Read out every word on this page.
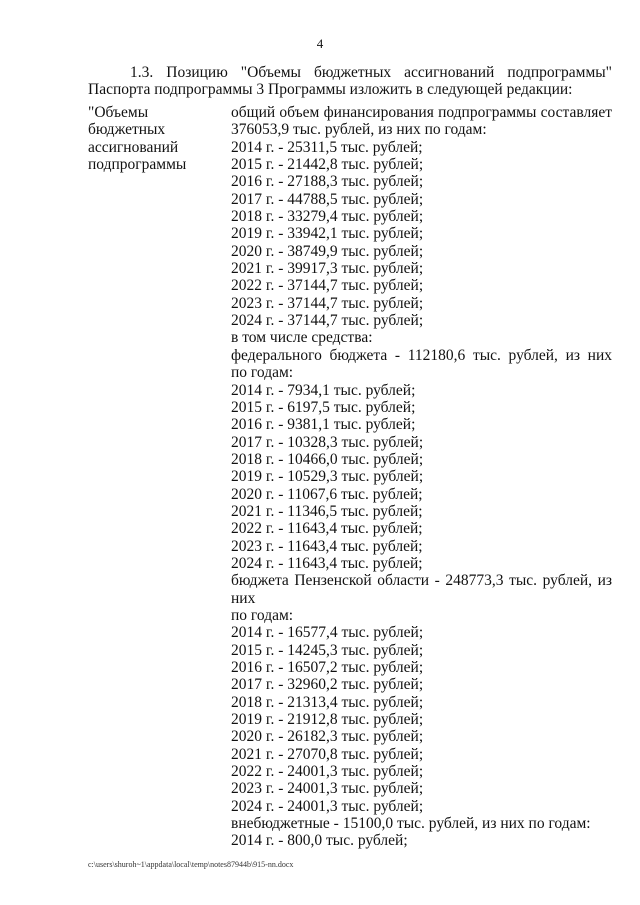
4
1.3. Позицию "Объемы бюджетных ассигнований подпрограммы"
Паспорта подпрограммы 3 Программы изложить в следующей редакции:
"Объемы
бюджетных
ассигнований
подпрограммы
общий объем финансирования подпрограммы составляет
376053,9 тыс. рублей, из них по годам:
2014 г. - 25311,5 тыс. рублей;
2015 г. - 21442,8 тыс. рублей;
2016 г. - 27188,3 тыс. рублей;
2017 г. - 44788,5 тыс. рублей;
2018 г. - 33279,4 тыс. рублей;
2019 г. - 33942,1 тыс. рублей;
2020 г. - 38749,9 тыс. рублей;
2021 г. - 39917,3 тыс. рублей;
2022 г. - 37144,7 тыс. рублей;
2023 г. - 37144,7 тыс. рублей;
2024 г. - 37144,7 тыс. рублей;
в том числе средства:
федерального бюджета - 112180,6 тыс. рублей, из них
по годам:
2014 г. - 7934,1 тыс. рублей;
2015 г. - 6197,5 тыс. рублей;
2016 г. - 9381,1 тыс. рублей;
2017 г. - 10328,3 тыс. рублей;
2018 г. - 10466,0 тыс. рублей;
2019 г. - 10529,3 тыс. рублей;
2020 г. - 11067,6 тыс. рублей;
2021 г. - 11346,5 тыс. рублей;
2022 г. - 11643,4 тыс. рублей;
2023 г. - 11643,4 тыс. рублей;
2024 г. - 11643,4 тыс. рублей;
бюджета Пензенской области - 248773,3 тыс. рублей, из них
по годам:
2014 г. - 16577,4 тыс. рублей;
2015 г. - 14245,3 тыс. рублей;
2016 г. - 16507,2 тыс. рублей;
2017 г. - 32960,2 тыс. рублей;
2018 г. - 21313,4 тыс. рублей;
2019 г. - 21912,8 тыс. рублей;
2020 г. - 26182,3 тыс. рублей;
2021 г. - 27070,8 тыс. рублей;
2022 г. - 24001,3 тыс. рублей;
2023 г. - 24001,3 тыс. рублей;
2024 г. - 24001,3 тыс. рублей;
внебюджетные - 15100,0 тыс. рублей, из них по годам:
2014 г. - 800,0 тыс. рублей;
c:\users\shuroh~1\appdata\local\temp\notes87944b\915-nn.docx
